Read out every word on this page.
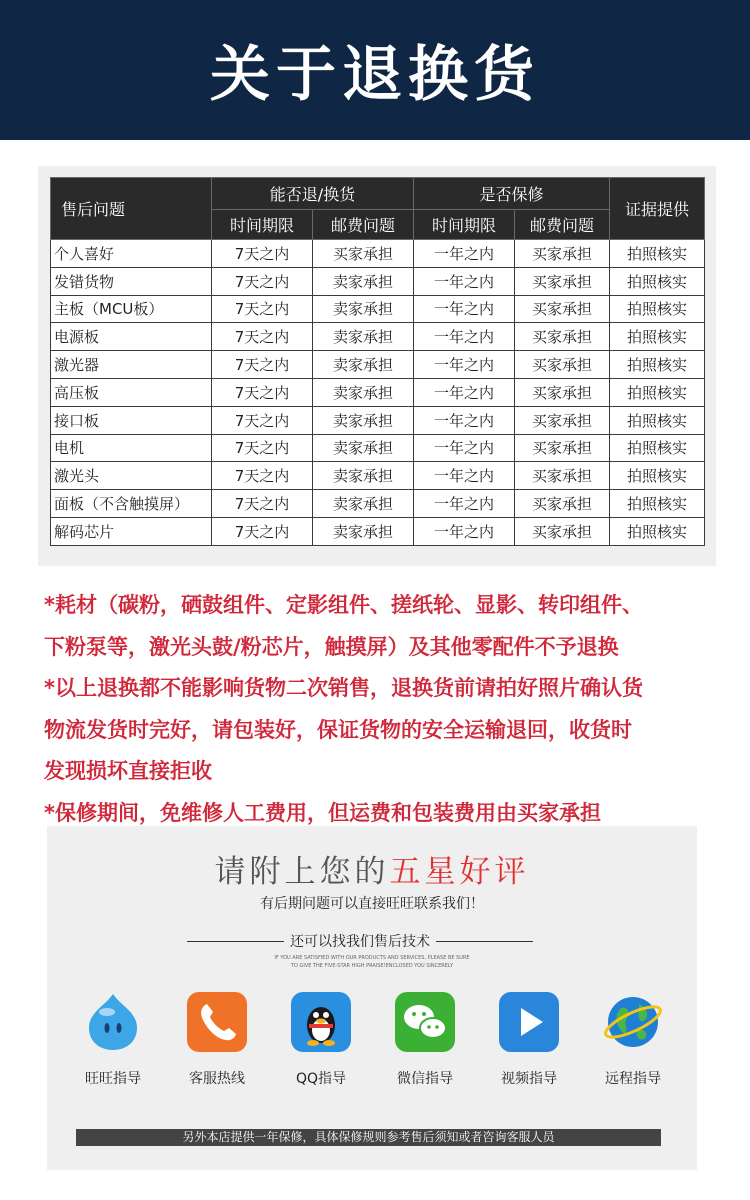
关于退换货
售后问题	能否退/换货		是否保修		证据提供
	时间期限	邮费问题	时间期限	邮费问题	
个人喜好	7天之内	买家承担	一年之内	买家承担	拍照核实
发错货物	7天之内	卖家承担	一年之内	买家承担	拍照核实
主板（MCU板）	7天之内	卖家承担	一年之内	买家承担	拍照核实
电源板	7天之内	卖家承担	一年之内	买家承担	拍照核实
激光器	7天之内	卖家承担	一年之内	买家承担	拍照核实
高压板	7天之内	卖家承担	一年之内	买家承担	拍照核实
接口板	7天之内	卖家承担	一年之内	买家承担	拍照核实
电机	7天之内	卖家承担	一年之内	买家承担	拍照核实
激光头	7天之内	卖家承担	一年之内	买家承担	拍照核实
面板（不含触摸屏）	7天之内	卖家承担	一年之内	买家承担	拍照核实
解码芯片	7天之内	卖家承担	一年之内	买家承担	拍照核实

*耗材（碳粉，硒鼓组件、定影组件、搓纸轮、显影、转印组件、

下粉泵等，激光头鼓/粉芯片，触摸屏）及其他零配件不予退换

*以上退换都不能影响货物二次销售，退换货前请拍好照片确认货

物流发货时完好，请包装好，保证货物的安全运输退回，收货时

发现损坏直接拒收

*保修期间，免维修人工费用，但运费和包装费用由买家承担

请附上您的五星好评
有后期问题可以直接旺旺联系我们！
还可以找我们售后技术
IF YOU ARE SATISFIED WITH OUR PRODUCTS AND SERVICES, PLEASE BE SURE
TO GIVE THE FIVE-STAR HIGH PRAISE!ENCLOSED YOU SINCERELY
旺旺指导	客服热线	QQ指导	微信指导	视频指导	远程指导
另外本店提供一年保修，具体保修规则参考售后须知或者咨询客服人员
